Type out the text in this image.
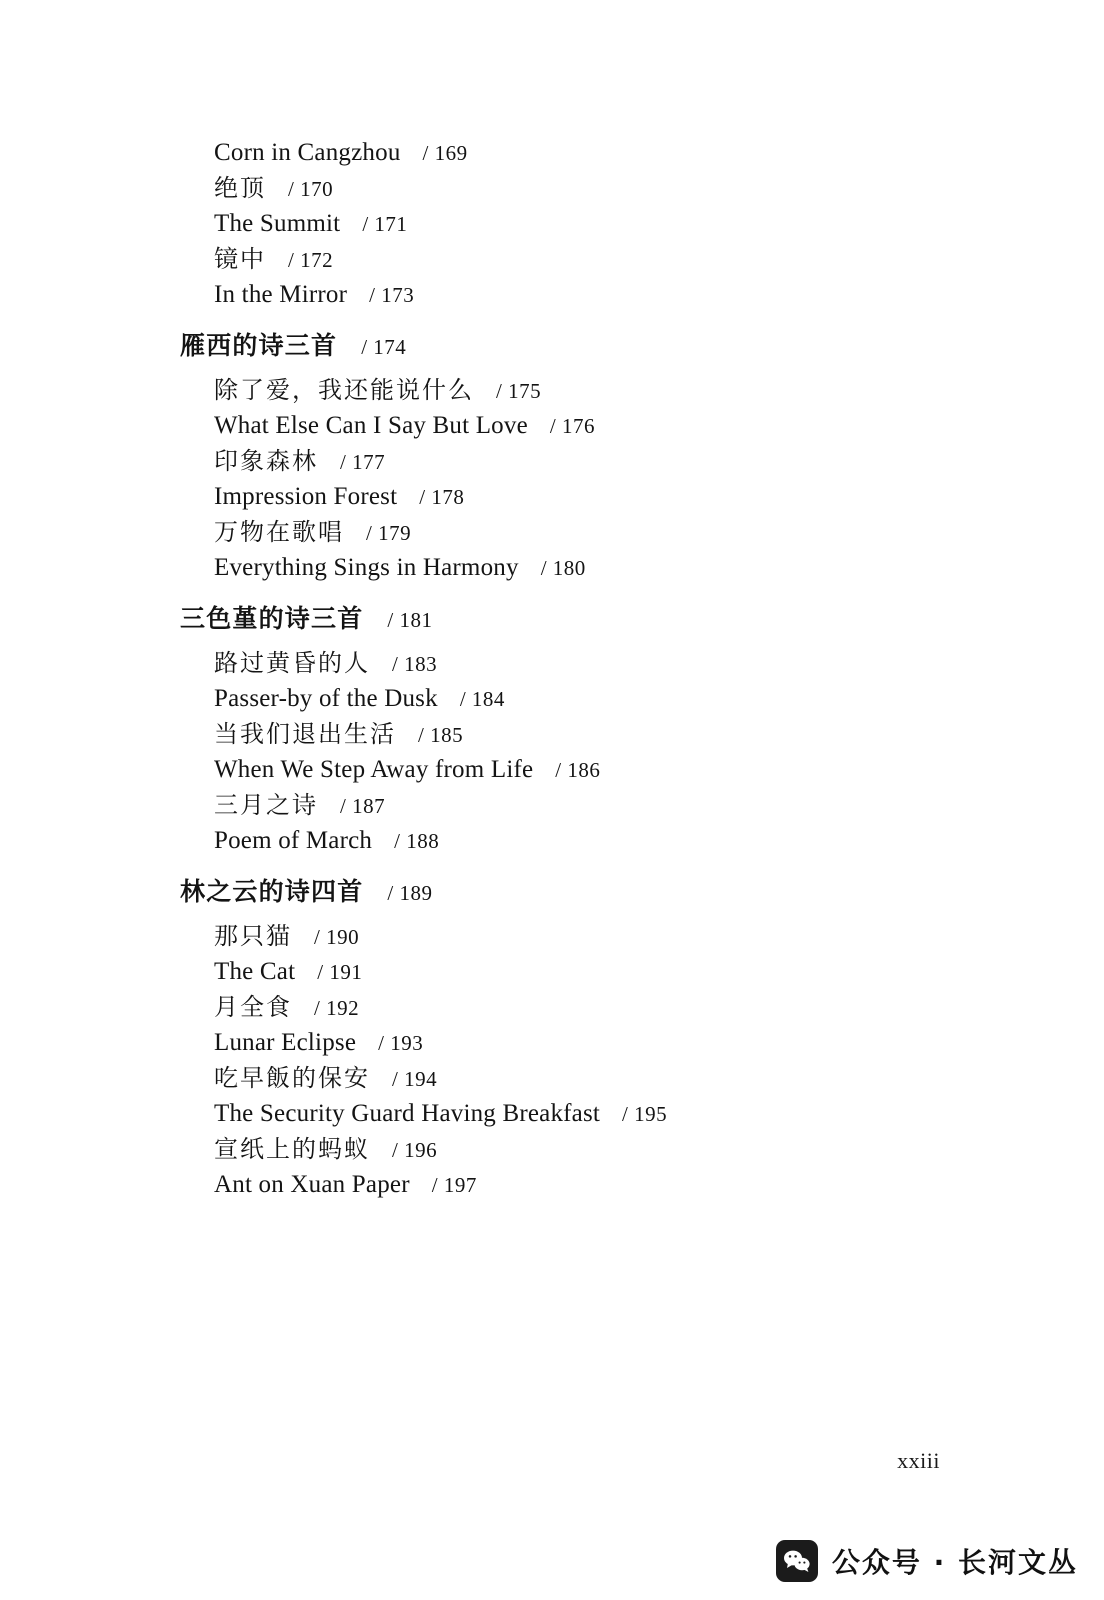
Corn in Cangzhou / 169
绝顶 / 170
The Summit / 171
镜中 / 172
In the Mirror / 173
雁西的诗三首 / 174
除了爱，我还能说什么 / 175
What Else Can I Say But Love / 176
印象森林 / 177
Impression Forest / 178
万物在歌唱 / 179
Everything Sings in Harmony / 180
三色堇的诗三首 / 181
路过黄昏的人 / 183
Passer-by of the Dusk / 184
当我们退出生活 / 185
When We Step Away from Life / 186
三月之诗 / 187
Poem of March / 188
林之云的诗四首 / 189
那只猫 / 190
The Cat / 191
月全食 / 192
Lunar Eclipse / 193
吃早飯的保安 / 194
The Security Guard Having Breakfast / 195
宣纸上的蚂蚁 / 196
Ant on Xuan Paper / 197
xxiii
公众号 · 长河文丛
